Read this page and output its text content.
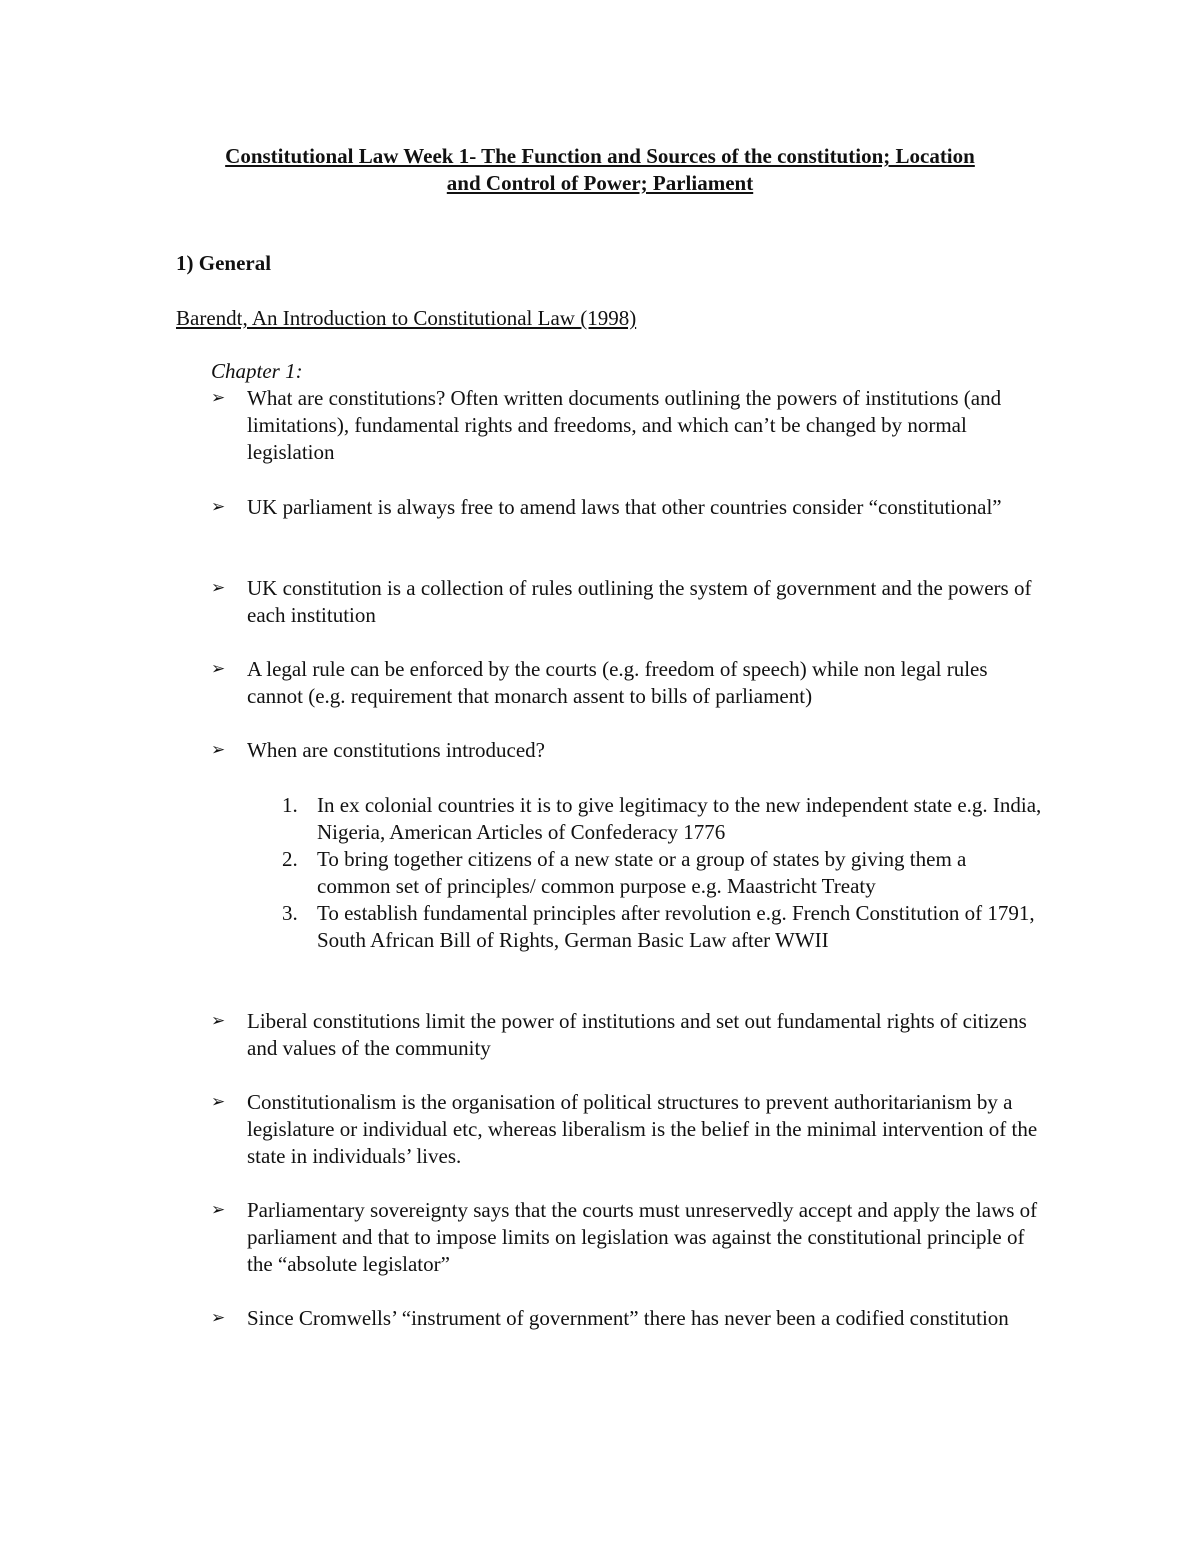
Constitutional Law Week 1- The Function and Sources of the constitution; Location
and Control of Power; Parliament
1) General

Barendt, An Introduction to Constitutional Law (1998)

Chapter 1:

➢	What are constitutions? Often written documents outlining the powers of institutions (and limitations), fundamental rights and freedoms, and which can’t be changed by normal legislation
➢	UK parliament is always free to amend laws that other countries consider “constitutional”
➢	UK constitution is a collection of rules outlining the system of government and the powers of each institution
➢	A legal rule can be enforced by the courts (e.g. freedom of speech) while non legal rules cannot (e.g. requirement that monarch assent to bills of parliament)
➢	When are constitutions introduced?
1. In ex colonial countries it is to give legitimacy to the new independent state e.g. India, Nigeria, American Articles of Confederacy 1776
2. To bring together citizens of a new state or a group of states by giving them a common set of principles/ common purpose e.g. Maastricht Treaty
3. To establish fundamental principles after revolution e.g. French Constitution of 1791, South African Bill of Rights, German Basic Law after WWII
➢	Liberal constitutions limit the power of institutions and set out fundamental rights of citizens and values of the community
➢	Constitutionalism is the organisation of political structures to prevent authoritarianism by a legislature or individual etc, whereas liberalism is the belief in the minimal intervention of the state in individuals’ lives.
➢	Parliamentary sovereignty says that the courts must unreservedly accept and apply the laws of parliament and that to impose limits on legislation was against the constitutional principle of the “absolute legislator”
➢	Since Cromwells’ “instrument of government” there has never been a codified constitution
